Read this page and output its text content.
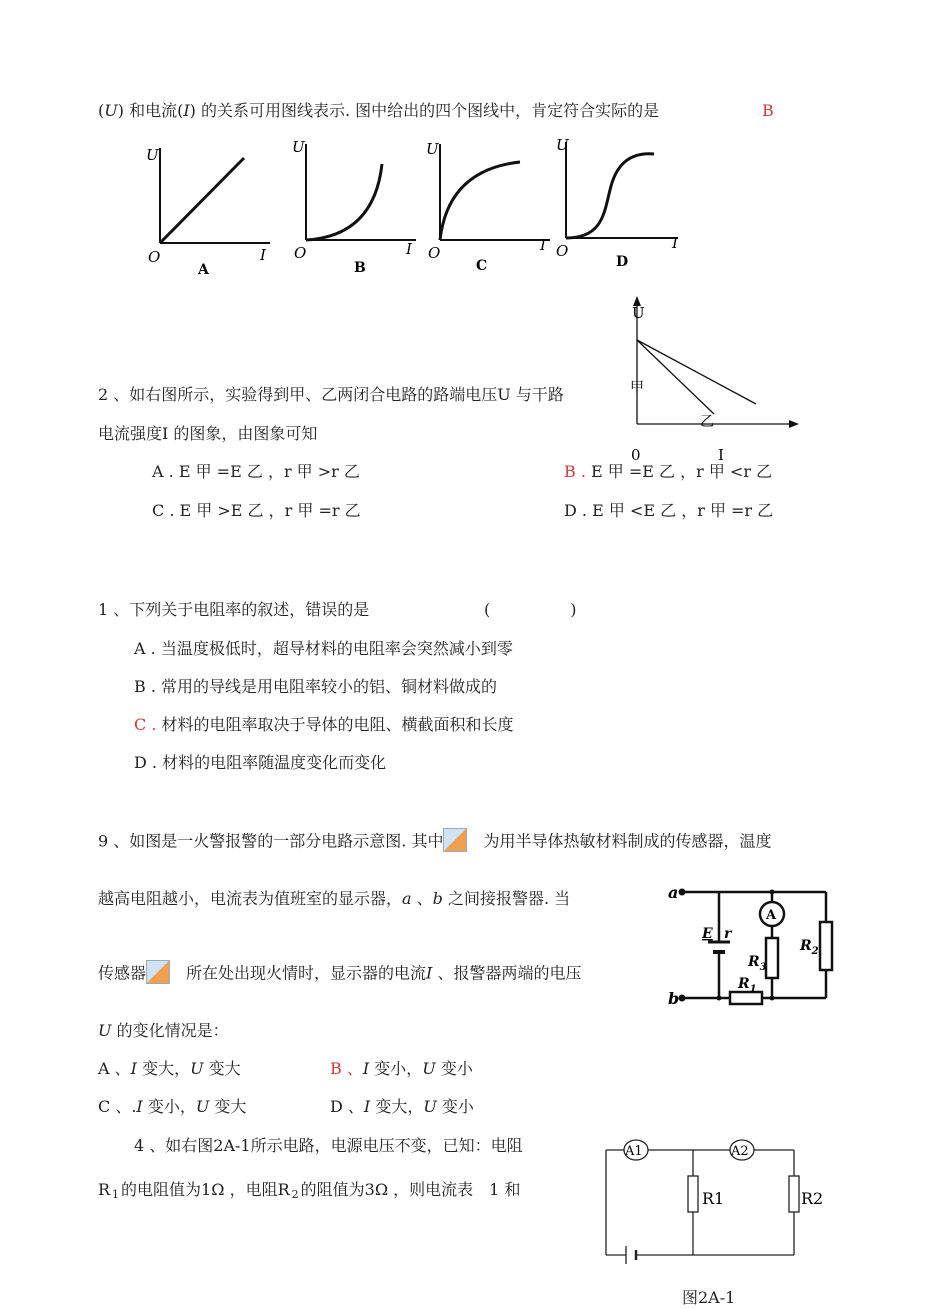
(U) 和电流(I) 的关系可用图线表示. 图中给出的四个图线中，肯定符合实际的是	B
U
O	I
A
U
O	I
B
U
O	I
C
U
O	I
D
2 、如右图所示，实验得到甲、乙两闭合电路的路端电压U 与干路
电流强度I 的图象，由图象可知
A . E 甲 =E 乙 ，r 甲 >r 乙	B . E 甲 =E 乙 ，r 甲 <r 乙
C . E 甲 >E 乙 ，r 甲 =r 乙	D . E 甲 <E 乙 ，r 甲 =r 乙
U
甲
乙
0	I
1 、下列关于电阻率的叙述，错误的是	(　　　　　)
A . 当温度极低时，超导材料的电阻率会突然减小到零
B . 常用的导线是用电阻率较小的铝、铜材料做成的
C . 材料的电阻率取决于导体的电阻、横截面积和长度
D . 材料的电阻率随温度变化而变化
9 、如图是一火警报警的一部分电路示意图. 其中　	为用半导体热敏材料制成的传感器，温度
越高电阻越小，电流表为值班室的显示器，a 、b 之间接报警器. 当
传感器　	所在处出现火情时，显示器的电流I 、报警器两端的电压
U 的变化情况是：
A 、I 变大，U 变大	B 、I 变小，U 变小
C 、.I 变小，U 变大	D 、I 变大，U 变小
A
a
b
E r
$R_3$
$R_2$
$R_1$
4 、如右图2A-1所示电路，电源电压不变，已知：电阻
R 1 的电阻值为1Ω ，电阻R 2 的阻值为3Ω ，则电流表　1 和
A1	A2
R1	R2
图2A-1
